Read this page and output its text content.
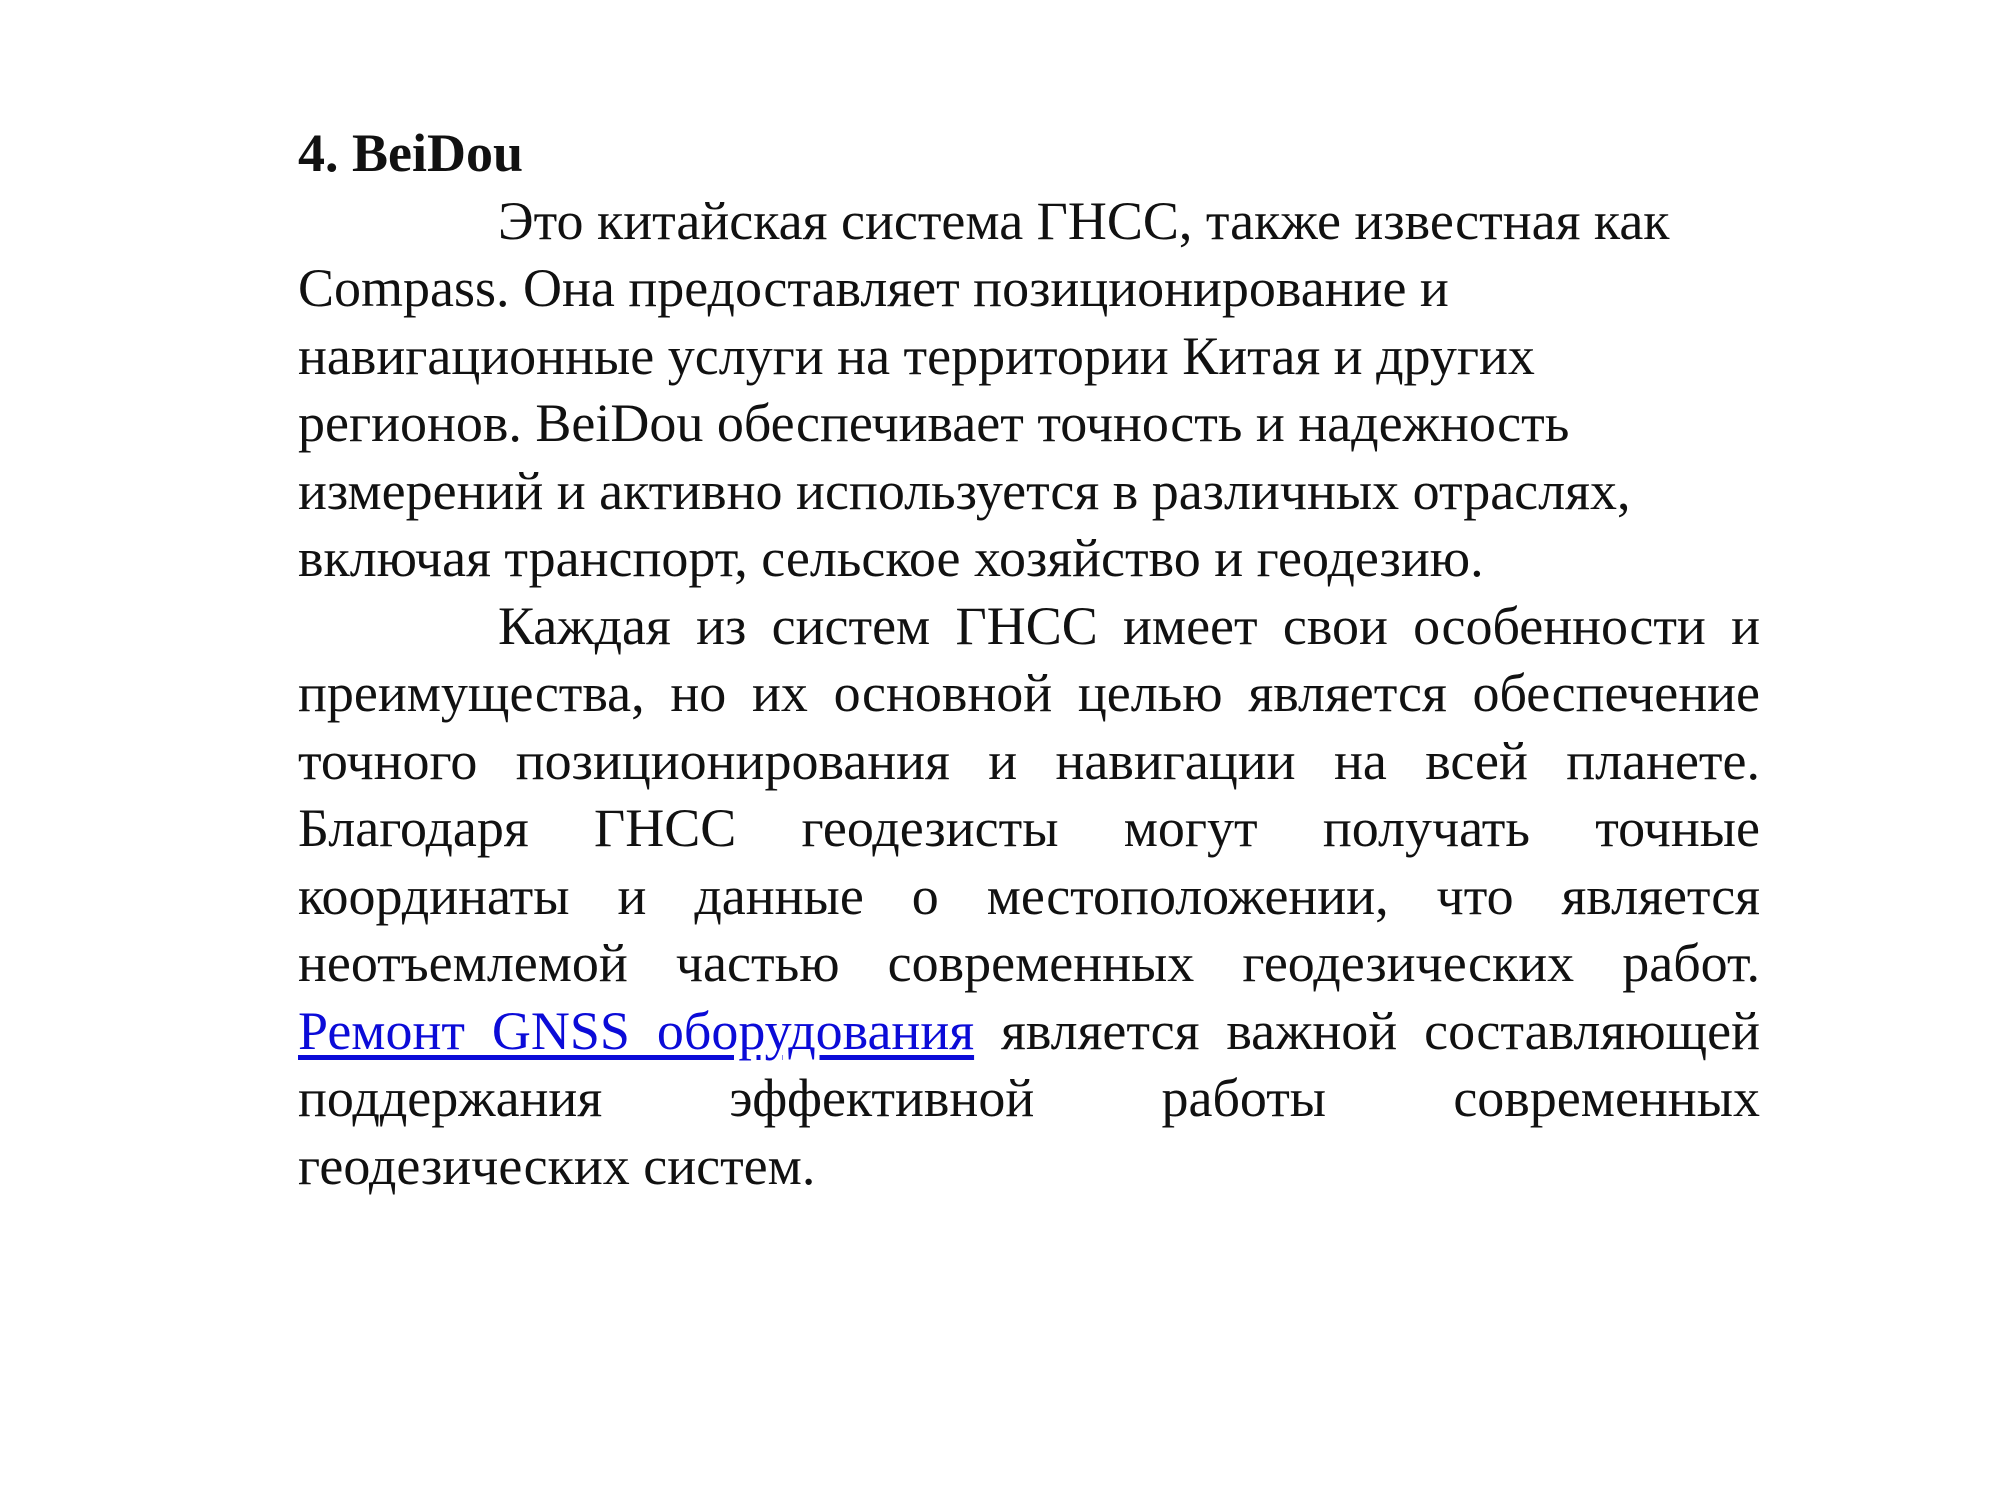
4. BeiDou

Это китайская система ГНСС, также известная как Compass. Она предоставляет позиционирование и навигационные услуги на территории Китая и других регионов. BeiDou обеспечивает точность и надежность измерений и активно используется в различных отраслях, включая транспорт, сельское хозяйство и геодезию.

Каждая из систем ГНСС имеет свои особенности и преимущества, но их основной целью является обеспечение точного позиционирования и навигации на всей планете. Благодаря ГНСС геодезисты могут получать точные координаты и данные о местоположении, что является неотъемлемой частью современных геодезических работ. Ремонт GNSS оборудования является важной составляющей поддержания эффективной работы современных геодезических систем.
